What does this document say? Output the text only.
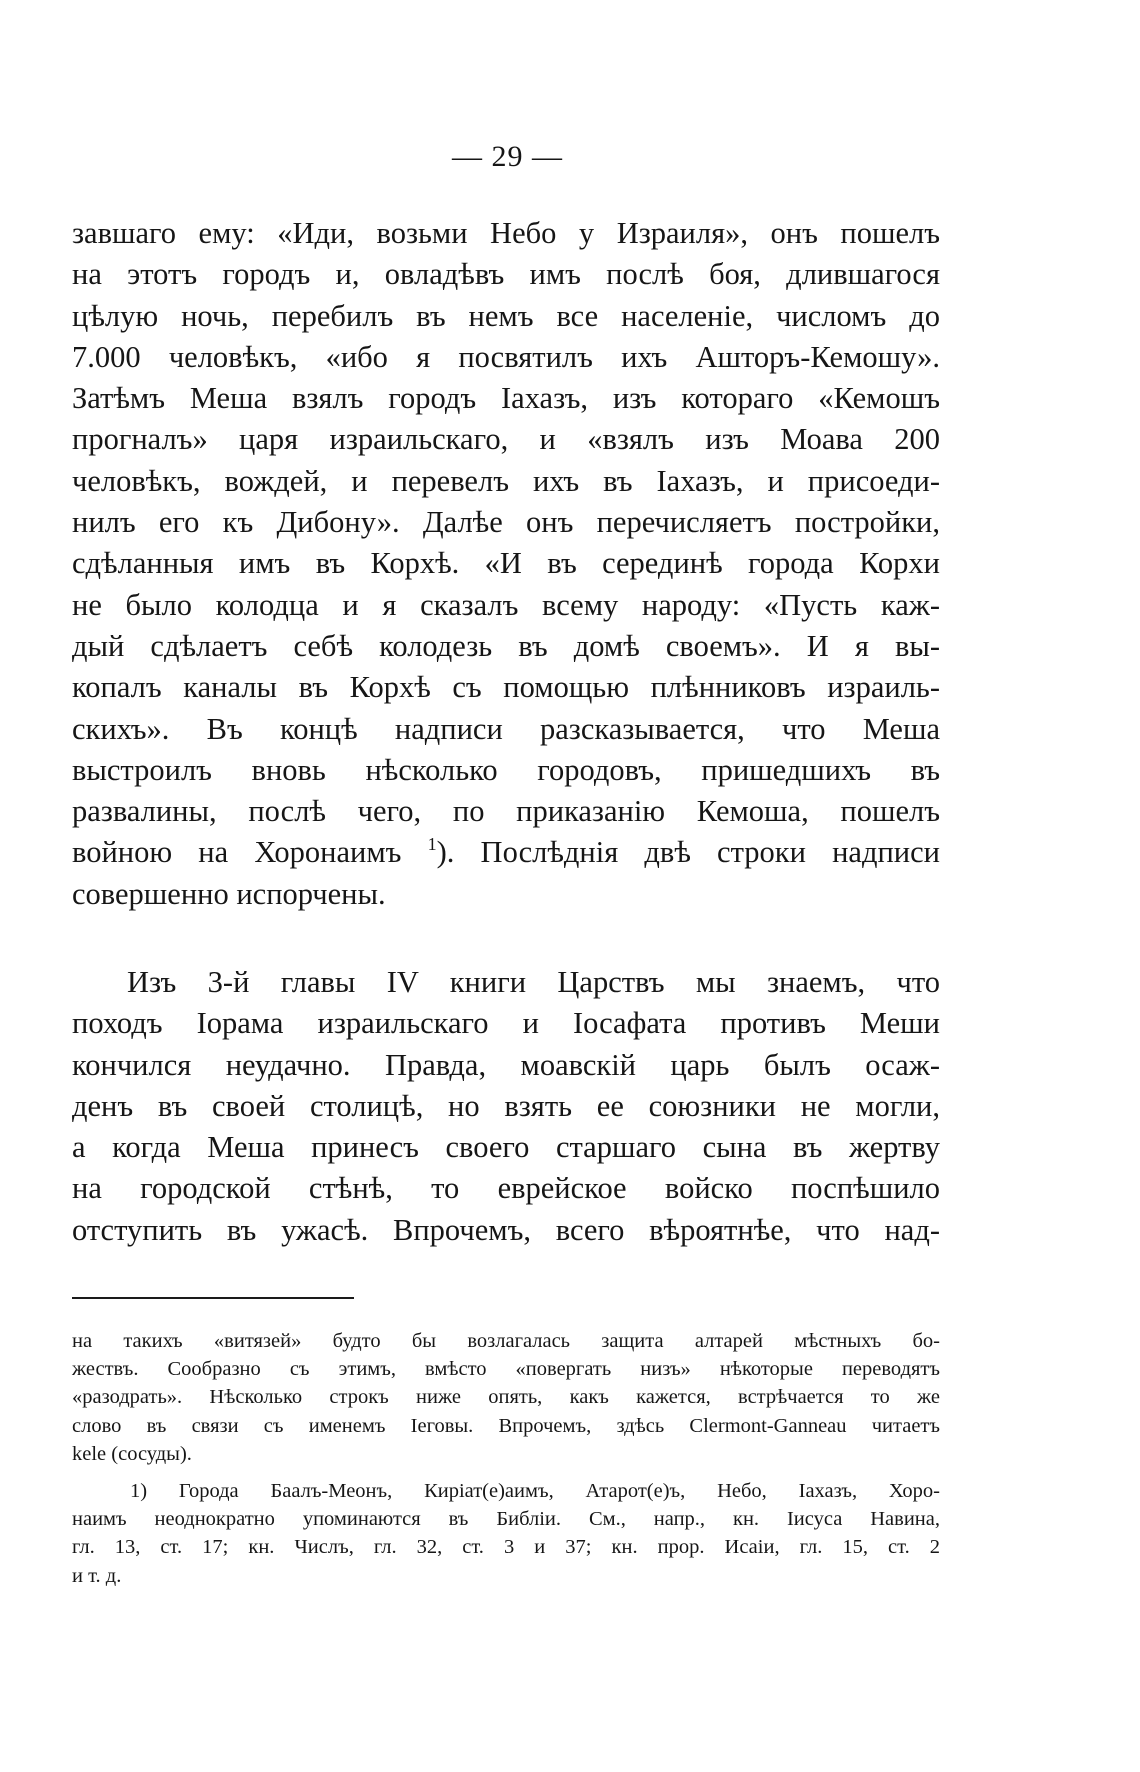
— 29 —
завшаго ему: «Иди, возьми Небо у Израиля», онъ пошелъ
на этотъ городъ и, овладѣвъ имъ послѣ боя, длившагося
цѣлую ночь, перебилъ въ немъ все населеніе, числомъ до
7.000 человѣкъ, «ибо я посвятилъ ихъ Ашторъ-Кемошу».
Затѣмъ Меша взялъ городъ Іахазъ, изъ котораго «Кемошъ
прогналъ» царя израильскаго, и «взялъ изъ Моава 200
человѣкъ, вождей, и перевелъ ихъ въ Іахазъ, и присоеди-
нилъ его къ Дибону». Далѣе онъ перечисляетъ постройки,
сдѣланныя имъ въ Корхѣ. «И въ серединѣ города Корхи
не было колодца и я сказалъ всему народу: «Пусть каж-
дый сдѣлаетъ себѣ колодезь въ домѣ своемъ». И я вы-
копалъ каналы въ Корхѣ съ помощью плѣнниковъ израиль-
скихъ». Въ концѣ надписи разсказывается, что Меша
выстроилъ вновь нѣсколько городовъ, пришедшихъ въ
развалины, послѣ чего, по приказанію Кемоша, пошелъ
войною на Хоронаимъ $^1$). Послѣднія двѣ строки надписи
совершенно испорчены.
Изъ 3-й главы IV книги Царствъ мы знаемъ, что
походъ Іорама израильскаго и Іосафата противъ Меши
кончился неудачно. Правда, моавскій царь былъ осаж-
денъ въ своей столицѣ, но взять ее союзники не могли,
а когда Меша принесъ своего старшаго сына въ жертву
на городской стѣнѣ, то еврейское войско поспѣшило
отступить въ ужасѣ. Впрочемъ, всего вѣроятнѣе, что над-
на такихъ «витязей» будто бы возлагалась защита алтарей мѣстныхъ бо-
жествъ. Сообразно съ этимъ, вмѣсто «повергать низъ» нѣкоторые переводятъ
«разодрать». Нѣсколько строкъ ниже опять, какъ кажется, встрѣчается то же
слово въ связи съ именемъ Іеговы. Впрочемъ, здѣсь Clermont-Ganneau читаетъ
kele (сосуды).
1) Города Баалъ-Меонъ, Киріат(е)аимъ, Атарот(е)ъ, Небо, Іахазъ, Хоро-
наимъ неоднократно упоминаются въ Библіи. См., напр., кн. Іисуса Навина,
гл. 13, ст. 17; кн. Числъ, гл. 32, ст. 3 и 37; кн. прор. Исаіи, гл. 15, ст. 2
и т. д.
